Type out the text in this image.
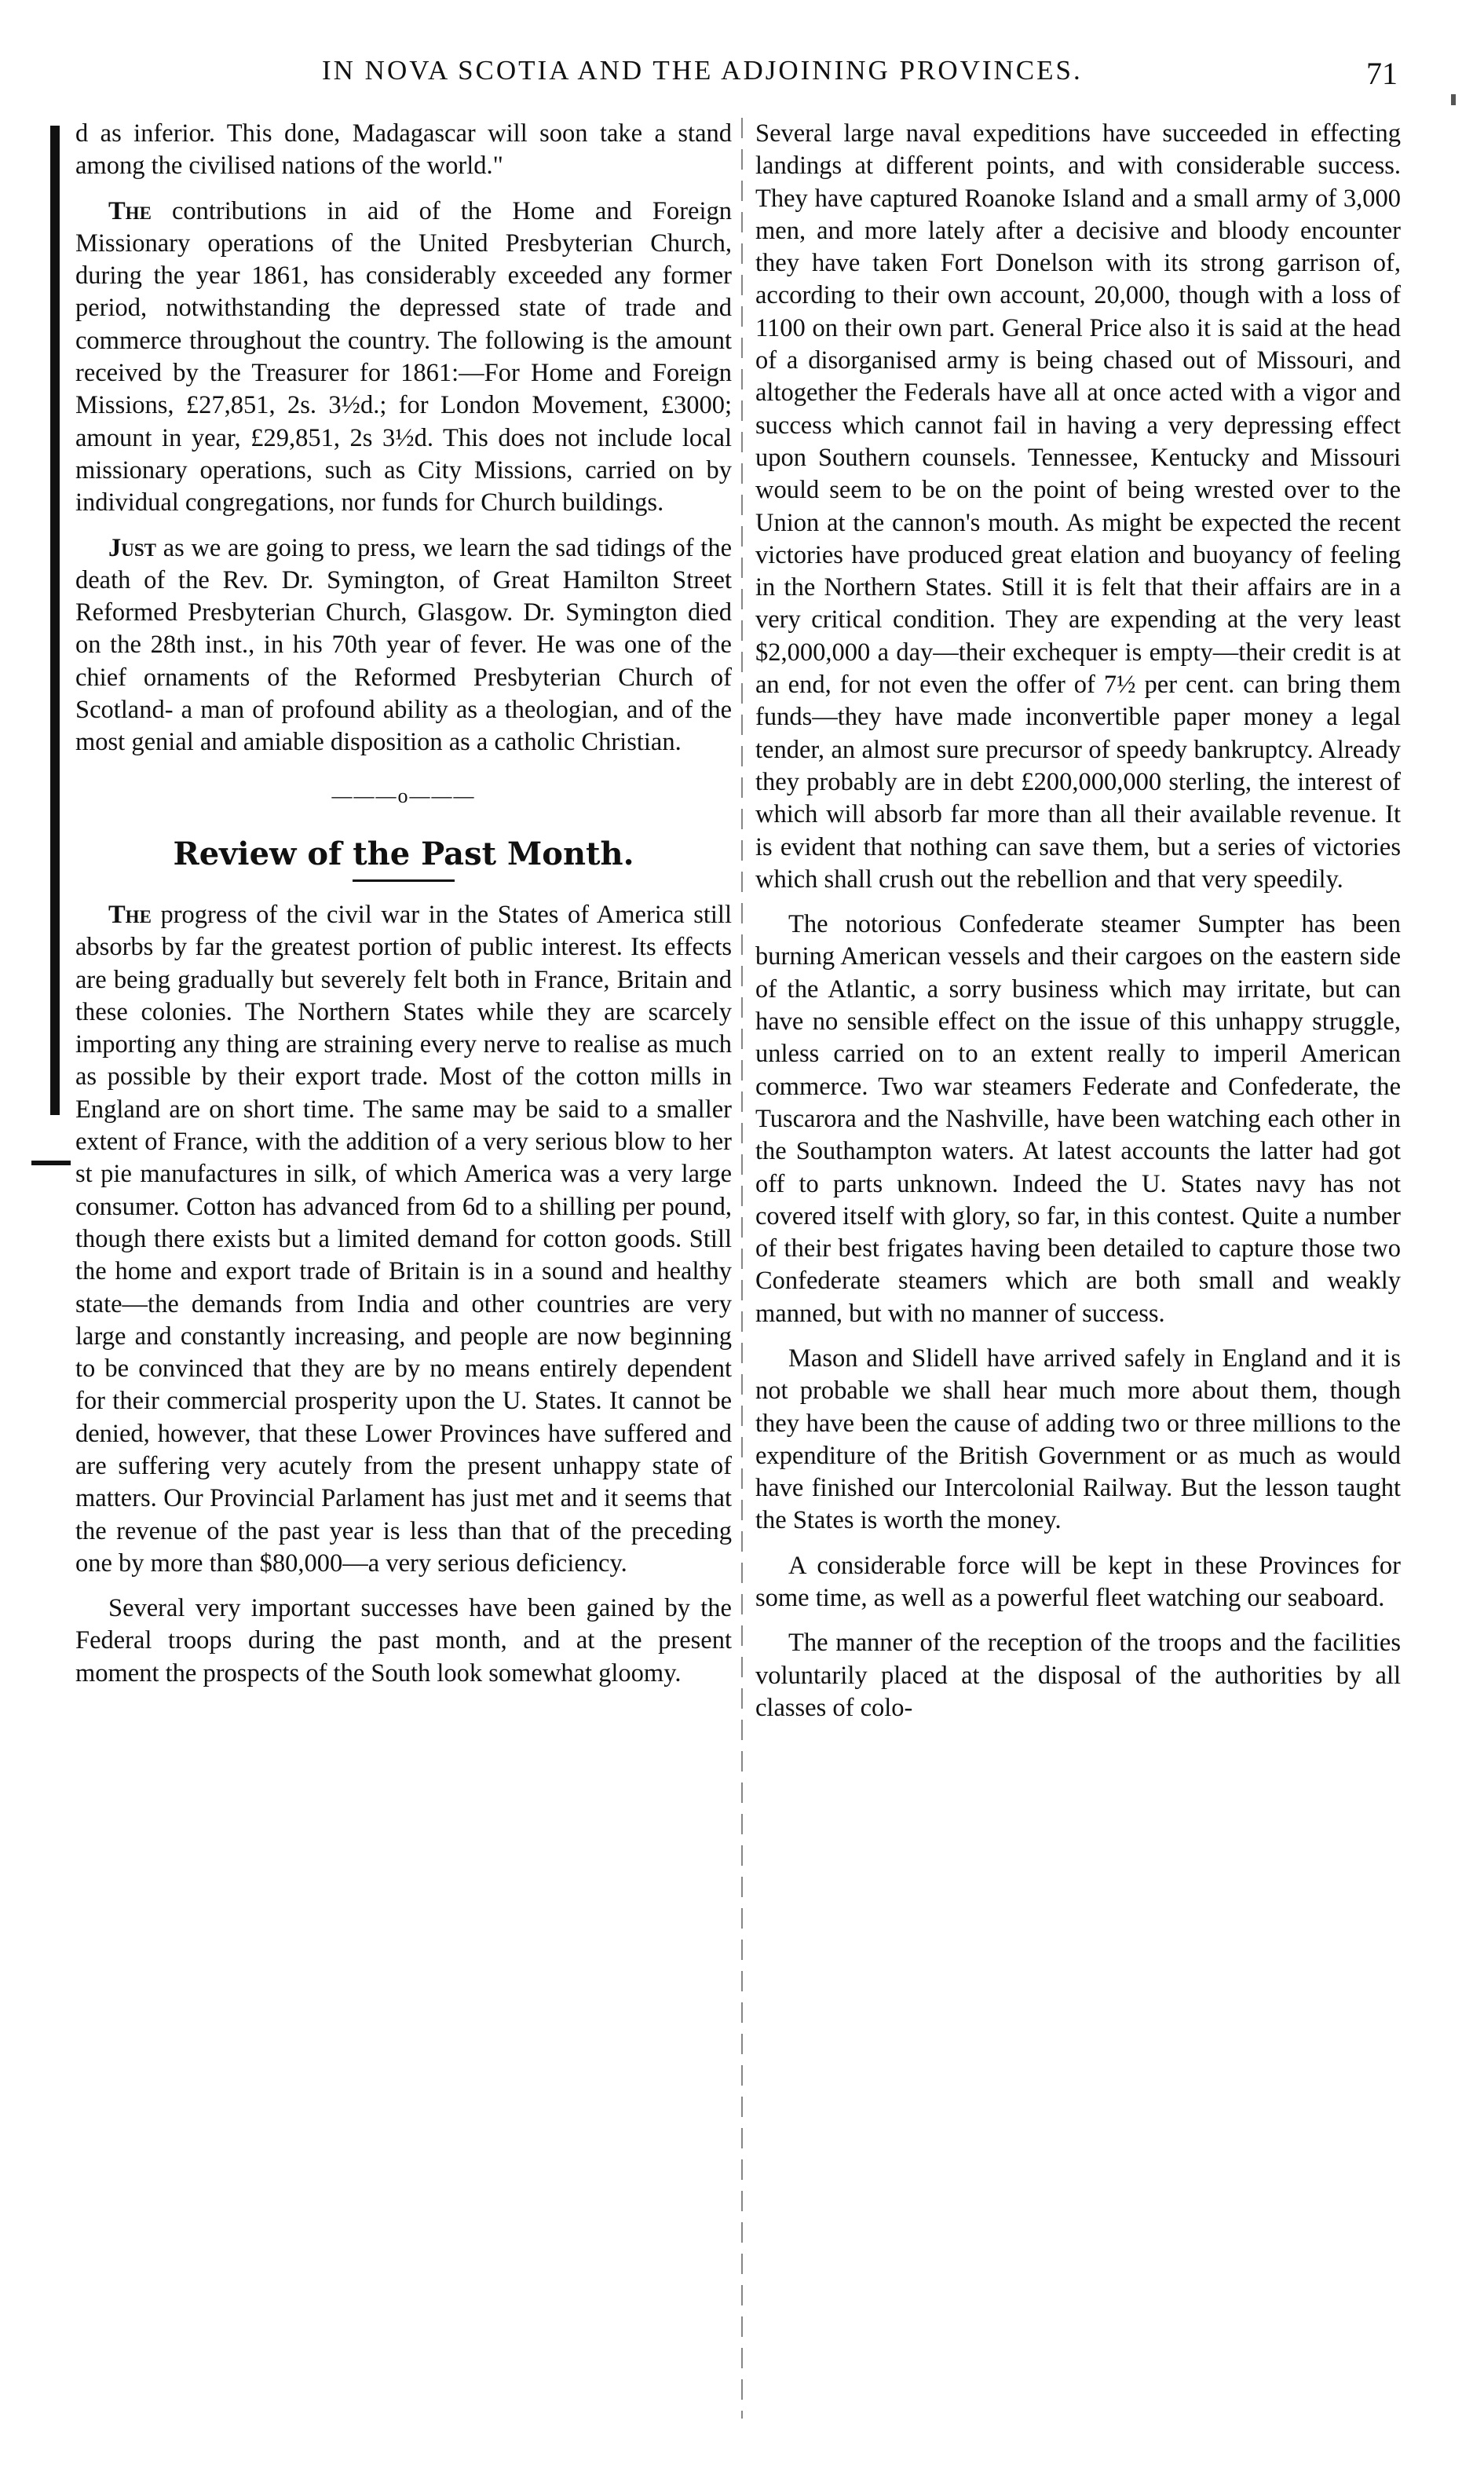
IN NOVA SCOTIA AND THE ADJOINING PROVINCES.	71

d as inferior. This done, Madagascar will soon take a stand among the civilised nations of the world."

The contributions in aid of the Home and Foreign Missionary operations of the United Presbyterian Church, during the year 1861, has considerably exceeded any former period, notwithstanding the depressed state of trade and commerce throughout the country. The following is the amount received by the Treasurer for 1861:—For Home and Foreign Missions, £27,851, 2s. 3½d.; for London Movement, £3000; amount in year, £29,851, 2s 3½d. This does not include local missionary operations, such as City Missions, carried on by individual congregations, nor funds for Church buildings.

Just as we are going to press, we learn the sad tidings of the death of the Rev. Dr. Symington, of Great Hamilton Street Reformed Presbyterian Church, Glasgow. Dr. Symington died on the 28th inst., in his 70th year of fever. He was one of the chief ornaments of the Reformed Presbyterian Church of Scotland- a man of profound ability as a theologian, and of the most genial and amiable disposition as a catholic Christian.

———o———
Review of the Past Month.

The progress of the civil war in the States of America still absorbs by far the greatest portion of public interest. Its effects are being gradually but severely felt both in France, Britain and these colonies. The Northern States while they are scarcely importing any thing are straining every nerve to realise as much as possible by their export trade. Most of the cotton mills in England are on short time. The same may be said to a smaller extent of France, with the addition of a very serious blow to her st pie manufactures in silk, of which America was a very large consumer. Cotton has advanced from 6d to a shilling per pound, though there exists but a limited demand for cotton goods. Still the home and export trade of Britain is in a sound and healthy state—the demands from India and other countries are very large and constantly increasing, and people are now beginning to be convinced that they are by no means entirely dependent for their commercial prosperity upon the U. States. It cannot be denied, however, that these Lower Provinces have suffered and are suffering very acutely from the present unhappy state of matters. Our Provincial Parlament has just met and it seems that the revenue of the past year is less than that of the preceding one by more than $80,000—a very serious deficiency.

Several very important successes have been gained by the Federal troops during the past month, and at the present moment the prospects of the South look somewhat gloomy.

Several large naval expeditions have succeeded in effecting landings at different points, and with considerable success. They have captured Roanoke Island and a small army of 3,000 men, and more lately after a decisive and bloody encounter they have taken Fort Donelson with its strong garrison of, according to their own account, 20,000, though with a loss of 1100 on their own part. General Price also it is said at the head of a disorganised army is being chased out of Missouri, and altogether the Federals have all at once acted with a vigor and success which cannot fail in having a very depressing effect upon Southern counsels. Tennessee, Kentucky and Missouri would seem to be on the point of being wrested over to the Union at the cannon's mouth. As might be expected the recent victories have produced great elation and buoyancy of feeling in the Northern States. Still it is felt that their affairs are in a very critical condition. They are expending at the very least $2,000,000 a day—their exchequer is empty—their credit is at an end, for not even the offer of 7½ per cent. can bring them funds—they have made inconvertible paper money a legal tender, an almost sure precursor of speedy bankruptcy. Already they probably are in debt £200,000,000 sterling, the interest of which will absorb far more than all their available revenue. It is evident that nothing can save them, but a series of victories which shall crush out the rebellion and that very speedily.

The notorious Confederate steamer Sumpter has been burning American vessels and their cargoes on the eastern side of the Atlantic, a sorry business which may irritate, but can have no sensible effect on the issue of this unhappy struggle, unless carried on to an extent really to imperil American commerce. Two war steamers Federate and Confederate, the Tuscarora and the Nashville, have been watching each other in the Southampton waters. At latest accounts the latter had got off to parts unknown. Indeed the U. States navy has not covered itself with glory, so far, in this contest. Quite a number of their best frigates having been detailed to capture those two Confederate steamers which are both small and weakly manned, but with no manner of success.

Mason and Slidell have arrived safely in England and it is not probable we shall hear much more about them, though they have been the cause of adding two or three millions to the expenditure of the British Government or as much as would have finished our Intercolonial Railway. But the lesson taught the States is worth the money.

A considerable force will be kept in these Provinces for some time, as well as a powerful fleet watching our seaboard.

The manner of the reception of the troops and the facilities voluntarily placed at the disposal of the authorities by all classes of colo-
